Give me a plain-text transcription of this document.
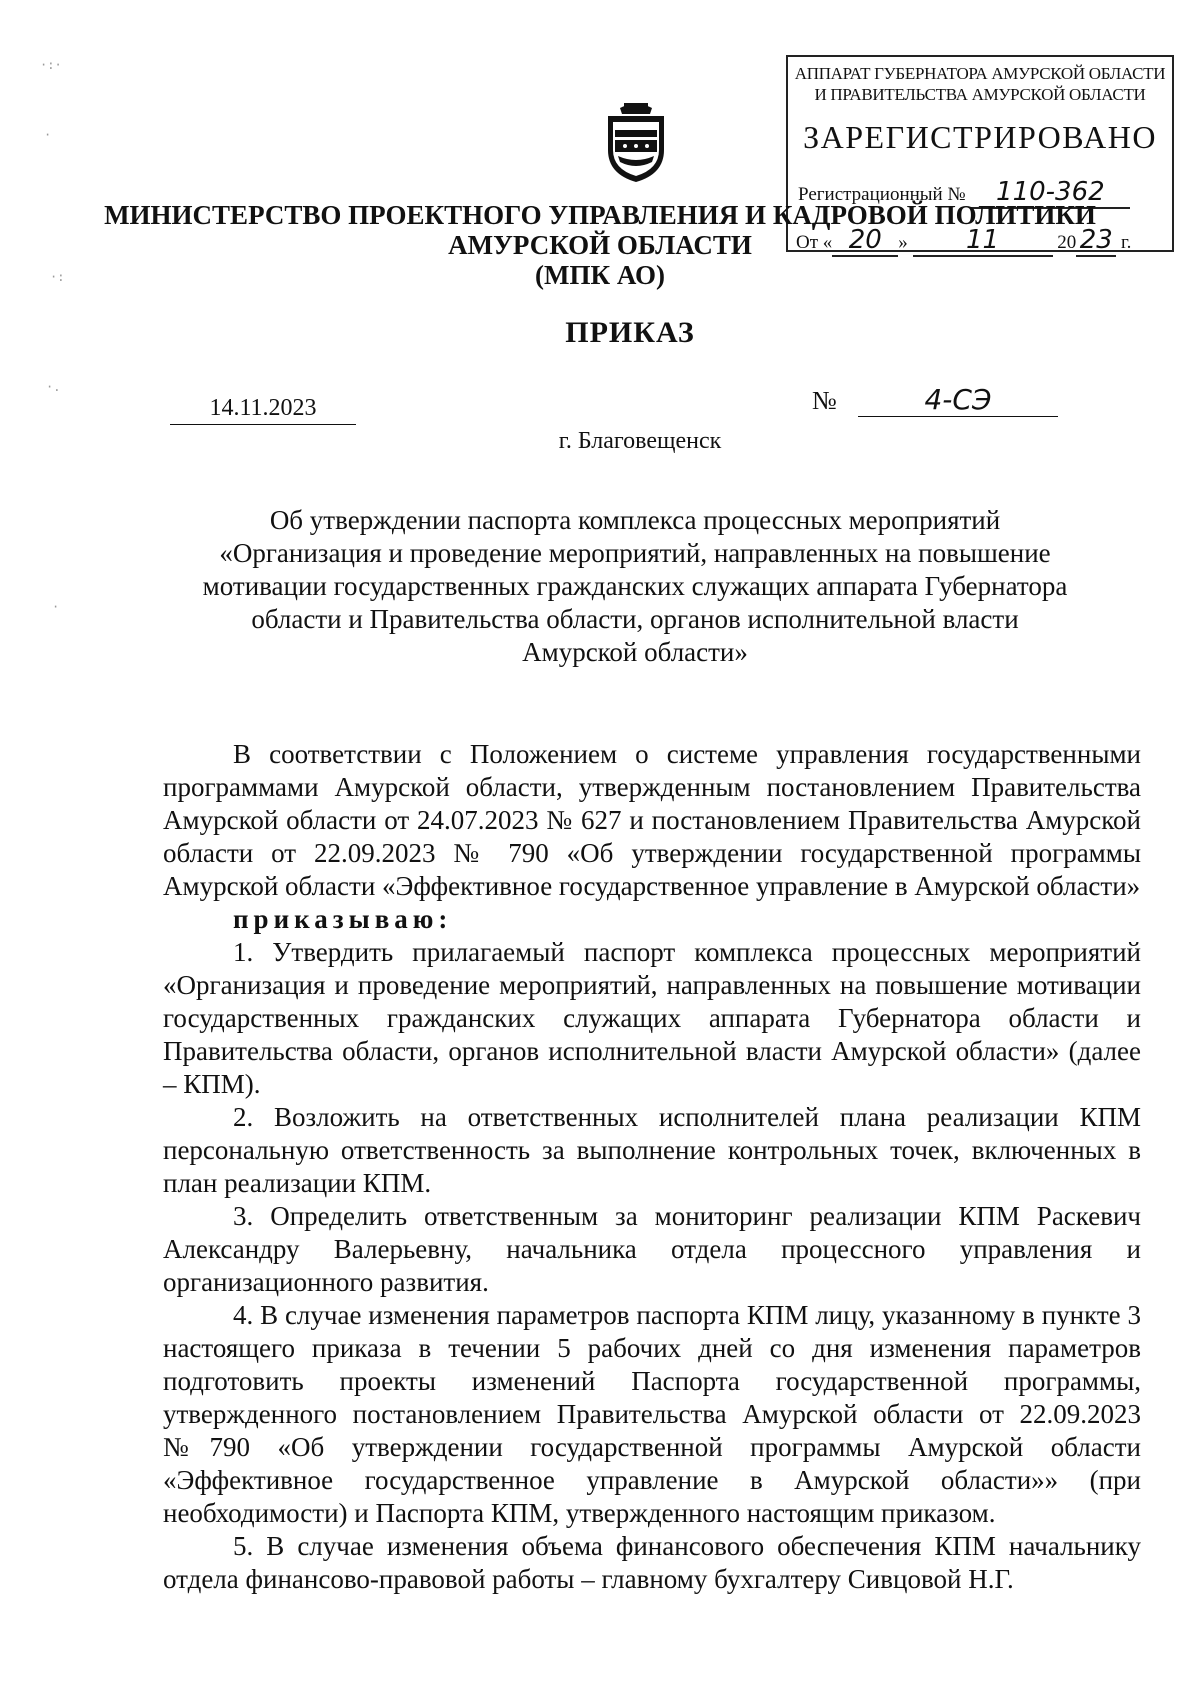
АППАРАТ ГУБЕРНАТОРА АМУРСКОЙ ОБЛАСТИ
И ПРАВИТЕЛЬСТВА АМУРСКОЙ ОБЛАСТИ
ЗАРЕГИСТРИРОВАНО
Регистрационный № 110-362
От « 20 » 11	20 23 г.
МИНИСТЕРСТВО ПРОЕКТНОГО УПРАВЛЕНИЯ И КАДРОВОЙ ПОЛИТИКИ
АМУРСКОЙ ОБЛАСТИ
(МПК АО)
ПРИКАЗ
14.11.2023	№	4-СЭ
г. Благовещенск
Об утверждении паспорта комплекса процессных мероприятий
«Организация и проведение мероприятий, направленных на повышение
мотивации государственных гражданских служащих аппарата Губернатора
области и Правительства области, органов исполнительной власти
Амурской области»

В соответствии с Положением о системе управления государственными программами Амурской области, утвержденным постановлением Правительства Амурской области от 24.07.2023 № 627 и постановлением Правительства Амурской области от 22.09.2023 № 790 «Об утверждении государственной программы Амурской области «Эффективное государственное управление в Амурской области»

приказываю:

1. Утвердить прилагаемый паспорт комплекса процессных мероприятий «Организация и проведение мероприятий, направленных на повышение мотивации государственных гражданских служащих аппарата Губернатора области и Правительства области, органов исполнительной власти Амурской области» (далее – КПМ).

2. Возложить на ответственных исполнителей плана реализации КПМ персональную ответственность за выполнение контрольных точек, включенных в план реализации КПМ.

3. Определить ответственным за мониторинг реализации КПМ Раскевич Александру Валерьевну, начальника отдела процессного управления и организационного развития.

4. В случае изменения параметров паспорта КПМ лицу, указанному в пункте 3 настоящего приказа в течении 5 рабочих дней со дня изменения параметров подготовить проекты изменений Паспорта государственной программы, утвержденного постановлением Правительства Амурской области от 22.09.2023 №790 «Об утверждении государственной программы Амурской области «Эффективное государственное управление в Амурской области»» (при необходимости) и Паспорта КПМ, утвержденного настоящим приказом.

5. В случае изменения объема финансового обеспечения КПМ начальнику отдела финансово-правовой работы – главному бухгалтеру Сивцовой Н.Г.

·:·
·
·:
·.
·
